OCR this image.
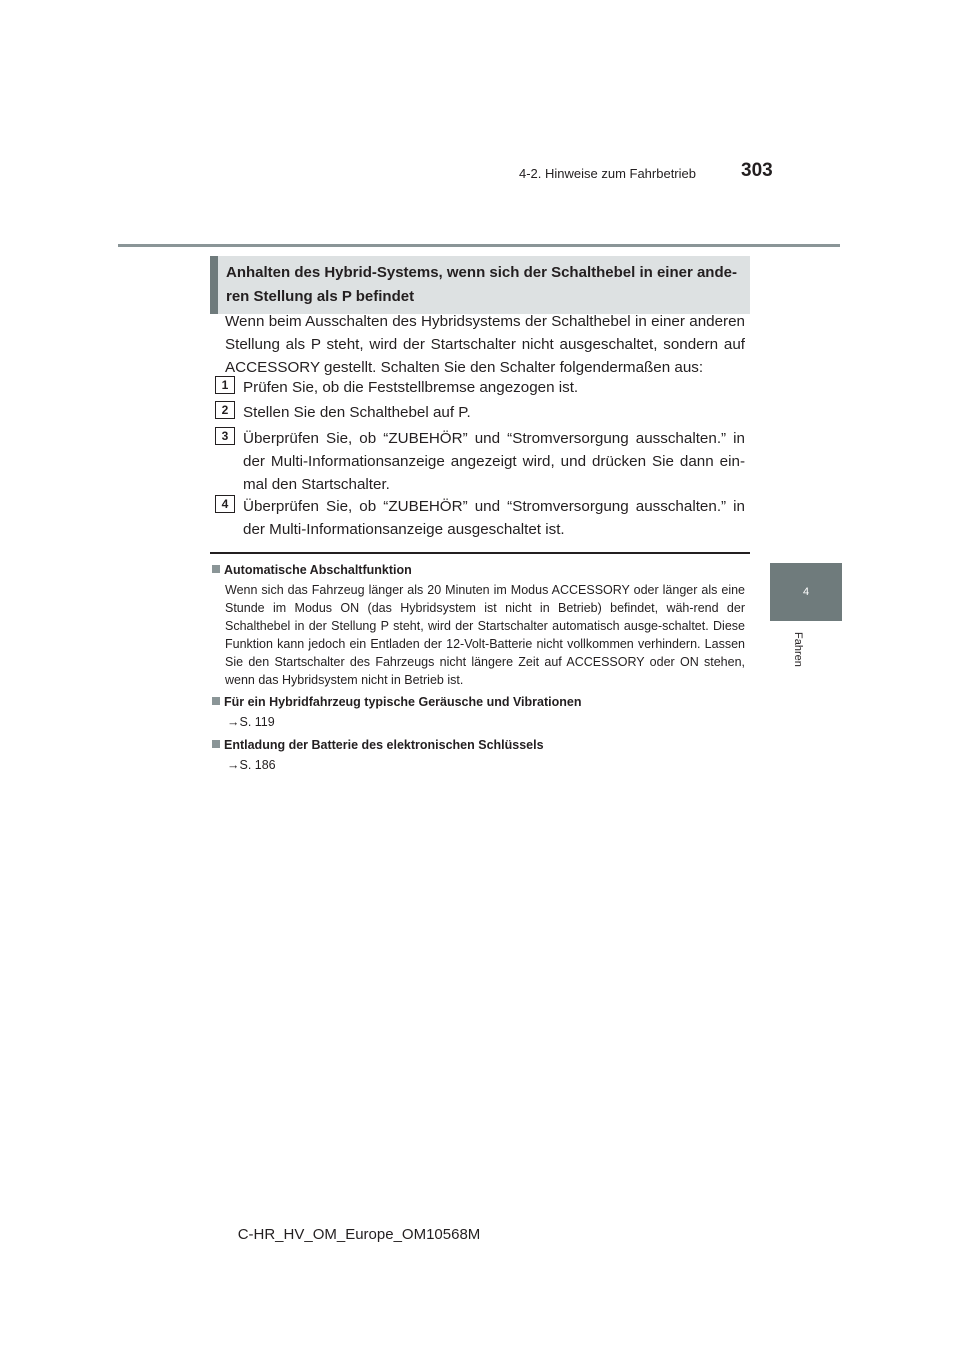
4-2. Hinweise zum Fahrbetrieb 303
4
Fahren
Anhalten des Hybrid-Systems, wenn sich der Schalthebel in einer ande-ren Stellung als P befindet
Wenn beim Ausschalten des Hybridsystems der Schalthebel in einer anderen Stellung als P steht, wird der Startschalter nicht ausgeschaltet, sondern auf ACCESSORY gestellt. Schalten Sie den Schalter folgendermaßen aus:
1 Prüfen Sie, ob die Feststellbremse angezogen ist.
2 Stellen Sie den Schalthebel auf P.
3 Überprüfen Sie, ob “ZUBEHÖR” und “Stromversorgung ausschalten.” in der Multi-Informationsanzeige angezeigt wird, und drücken Sie dann ein-mal den Startschalter.
4 Überprüfen Sie, ob “ZUBEHÖR” und “Stromversorgung ausschalten.” in der Multi-Informationsanzeige ausgeschaltet ist.
Automatische Abschaltfunktion
Wenn sich das Fahrzeug länger als 20 Minuten im Modus ACCESSORY oder länger als eine Stunde im Modus ON (das Hybridsystem ist nicht in Betrieb) befindet, wäh-rend der Schalthebel in der Stellung P steht, wird der Startschalter automatisch ausge-schaltet. Diese Funktion kann jedoch ein Entladen der 12-Volt-Batterie nicht vollkommen verhindern. Lassen Sie den Startschalter des Fahrzeugs nicht längere Zeit auf ACCESSORY oder ON stehen, wenn das Hybridsystem nicht in Betrieb ist.
Für ein Hybridfahrzeug typische Geräusche und Vibrationen
→S. 119
Entladung der Batterie des elektronischen Schlüssels
→S. 186
C-HR_HV_OM_Europe_OM10568M
